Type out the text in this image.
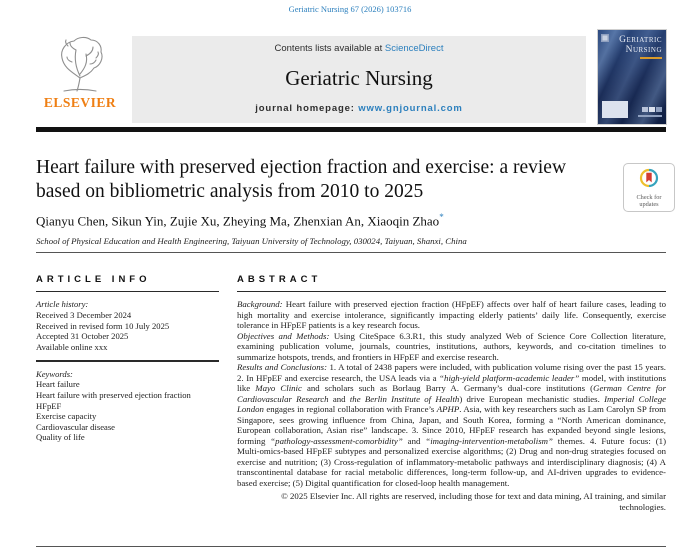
Geriatric Nursing 67 (2026) 103716
ELSEVIER
Contents lists available at ScienceDirect
Geriatric Nursing
journal homepage: www.gnjournal.com
Geriatric
Nursing
Heart failure with preserved ejection fraction and exercise: a review based on bibliometric analysis from 2010 to 2025	Check for
updates
Qianyu Chen, Sikun Yin, Zujie Xu, Zheying Ma, Zhenxian An, Xiaoqin Zhao*
School of Physical Education and Health Engineering, Taiyuan University of Technology, 030024, Taiyuan, Shanxi, China
ARTICLE INFO
Article history:
Received 3 December 2024
Received in revised form 10 July 2025
Accepted 31 October 2025
Available online xxx
Keywords:
Heart failure
Heart failure with preserved ejection fraction
HFpEF
Exercise capacity
Cardiovascular disease
Quality of life
ABSTRACT

Background: Heart failure with preserved ejection fraction (HFpEF) affects over half of heart failure cases, leading to high mortality and exercise intolerance, significantly impacting elderly patients’ daily life. Consequently, exercise tolerance in HFpEF patients is a key research focus.

Objectives and Methods: Using CiteSpace 6.3.R1, this study analyzed Web of Science Core Collection literature, examining publication volume, journals, countries, institutions, authors, keywords, and co-citation timelines to summarize hotspots, trends, and frontiers in HFpEF and exercise research.

Results and Conclusions: 1. A total of 2438 papers were included, with publication volume rising over the past 15 years. 2. In HFpEF and exercise research, the USA leads via a “high-yield platform-academic leader” model, with institutions like Mayo Clinic and scholars such as Borlaug Barry A. Germany’s dual-core institutions (German Centre for Cardiovascular Research and the Berlin Institute of Health) drive European mechanistic studies. Imperial College London engages in regional collaboration with France’s APHP. Asia, with key researchers such as Lam Carolyn SP from Singapore, sees growing influence from China, Japan, and South Korea, forming a “North American dominance, European collaboration, Asian rise” landscape. 3. Since 2010, HFpEF research has expanded beyond single lesions, forming “pathology-assessment-comorbidity” and “imaging-intervention-metabolism” themes. 4. Future focus: (1) Multi-omics-based HFpEF subtypes and personalized exercise algorithms; (2) Drug and non-drug strategies focused on exercise and nutrition; (3) Cross-regulation of inflammatory-metabolic pathways and interdisciplinary diagnosis; (4) A transcontinental database for racial metabolic differences, long-term follow-up, and AI-driven upgrades to evidence-based exercise; (5) Digital quantification for closed-loop health management.

© 2025 Elsevier Inc. All rights are reserved, including those for text and data mining, AI training, and similar technologies.
